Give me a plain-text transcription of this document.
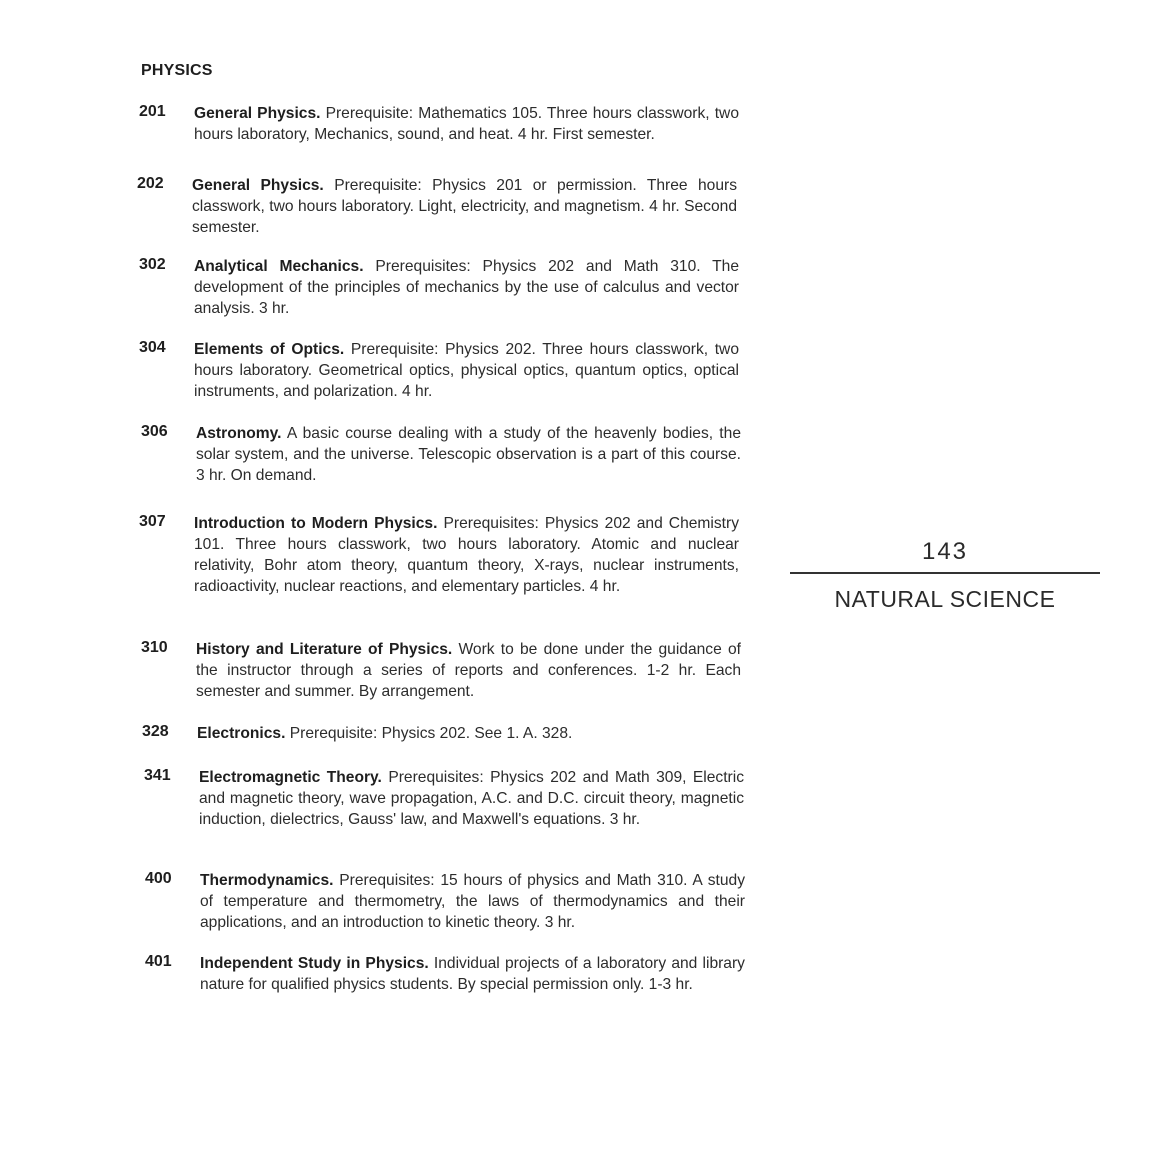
PHYSICS
201 General Physics. Prerequisite: Mathematics 105. Three hours classwork, two hours laboratory, Mechanics, sound, and heat. 4 hr. First semester.
202 General Physics. Prerequisite: Physics 201 or permission. Three hours classwork, two hours laboratory. Light, electricity, and magnetism. 4 hr. Second semester.
302 Analytical Mechanics. Prerequisites: Physics 202 and Math 310. The development of the principles of mechanics by the use of calculus and vector analysis. 3 hr.
304 Elements of Optics. Prerequisite: Physics 202. Three hours classwork, two hours laboratory. Geometrical optics, physical optics, quantum optics, optical instruments, and polarization. 4 hr.
306 Astronomy. A basic course dealing with a study of the heavenly bodies, the solar system, and the universe. Telescopic observation is a part of this course. 3 hr. On demand.
307 Introduction to Modern Physics. Prerequisites: Physics 202 and Chemistry 101. Three hours classwork, two hours laboratory. Atomic and nuclear relativity, Bohr atom theory, quantum theory, X-rays, nuclear instruments, radioactivity, nuclear reactions, and elementary particles. 4 hr.
310 History and Literature of Physics. Work to be done under the guidance of the instructor through a series of reports and conferences. 1-2 hr. Each semester and summer. By arrangement.
328 Electronics. Prerequisite: Physics 202. See 1. A. 328.
341 Electromagnetic Theory. Prerequisites: Physics 202 and Math 309, Electric and magnetic theory, wave propagation, A.C. and D.C. circuit theory, magnetic induction, dielectrics, Gauss' law, and Maxwell's equations. 3 hr.
400 Thermodynamics. Prerequisites: 15 hours of physics and Math 310. A study of temperature and thermometry, the laws of thermodynamics and their applications, and an introduction to kinetic theory. 3 hr.
401 Independent Study in Physics. Individual projects of a laboratory and library nature for qualified physics students. By special permission only. 1-3 hr.
143
NATURAL SCIENCE
